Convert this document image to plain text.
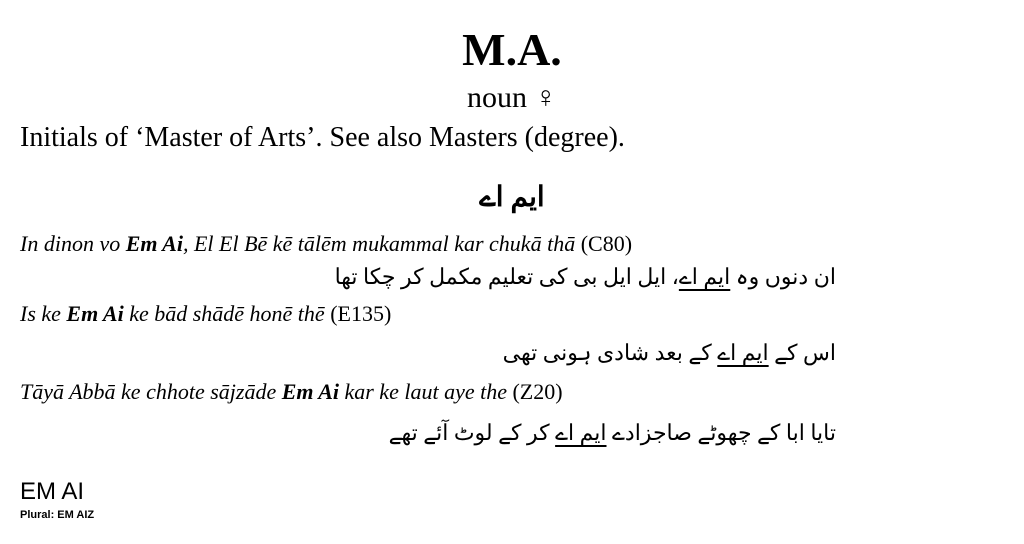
M.A.
noun ♀
Initials of ‘Master of Arts’. See also Masters (degree).
ایم اے
In dinon vo Em Ai, El El Bē kē tālēm mukammal kar chukā thā (C80)
ان دنوں وہ ایم اے، ایل ایل بی کی تعلیم مکمل کر چکا تھا
Is ke Em Ai ke bād shādē honē thē (E135)
اس کے ایم اے کے بعد شادی ہونی تھی
Tāyā Abbā ke chhote sājzāde Em Ai kar ke laut aye the (Z20)
تایا ابا کے چھوٹے صاجزادے ایم اے کر کے لوٹ آئے تھے
EM AI
Plural: EM AIZ
